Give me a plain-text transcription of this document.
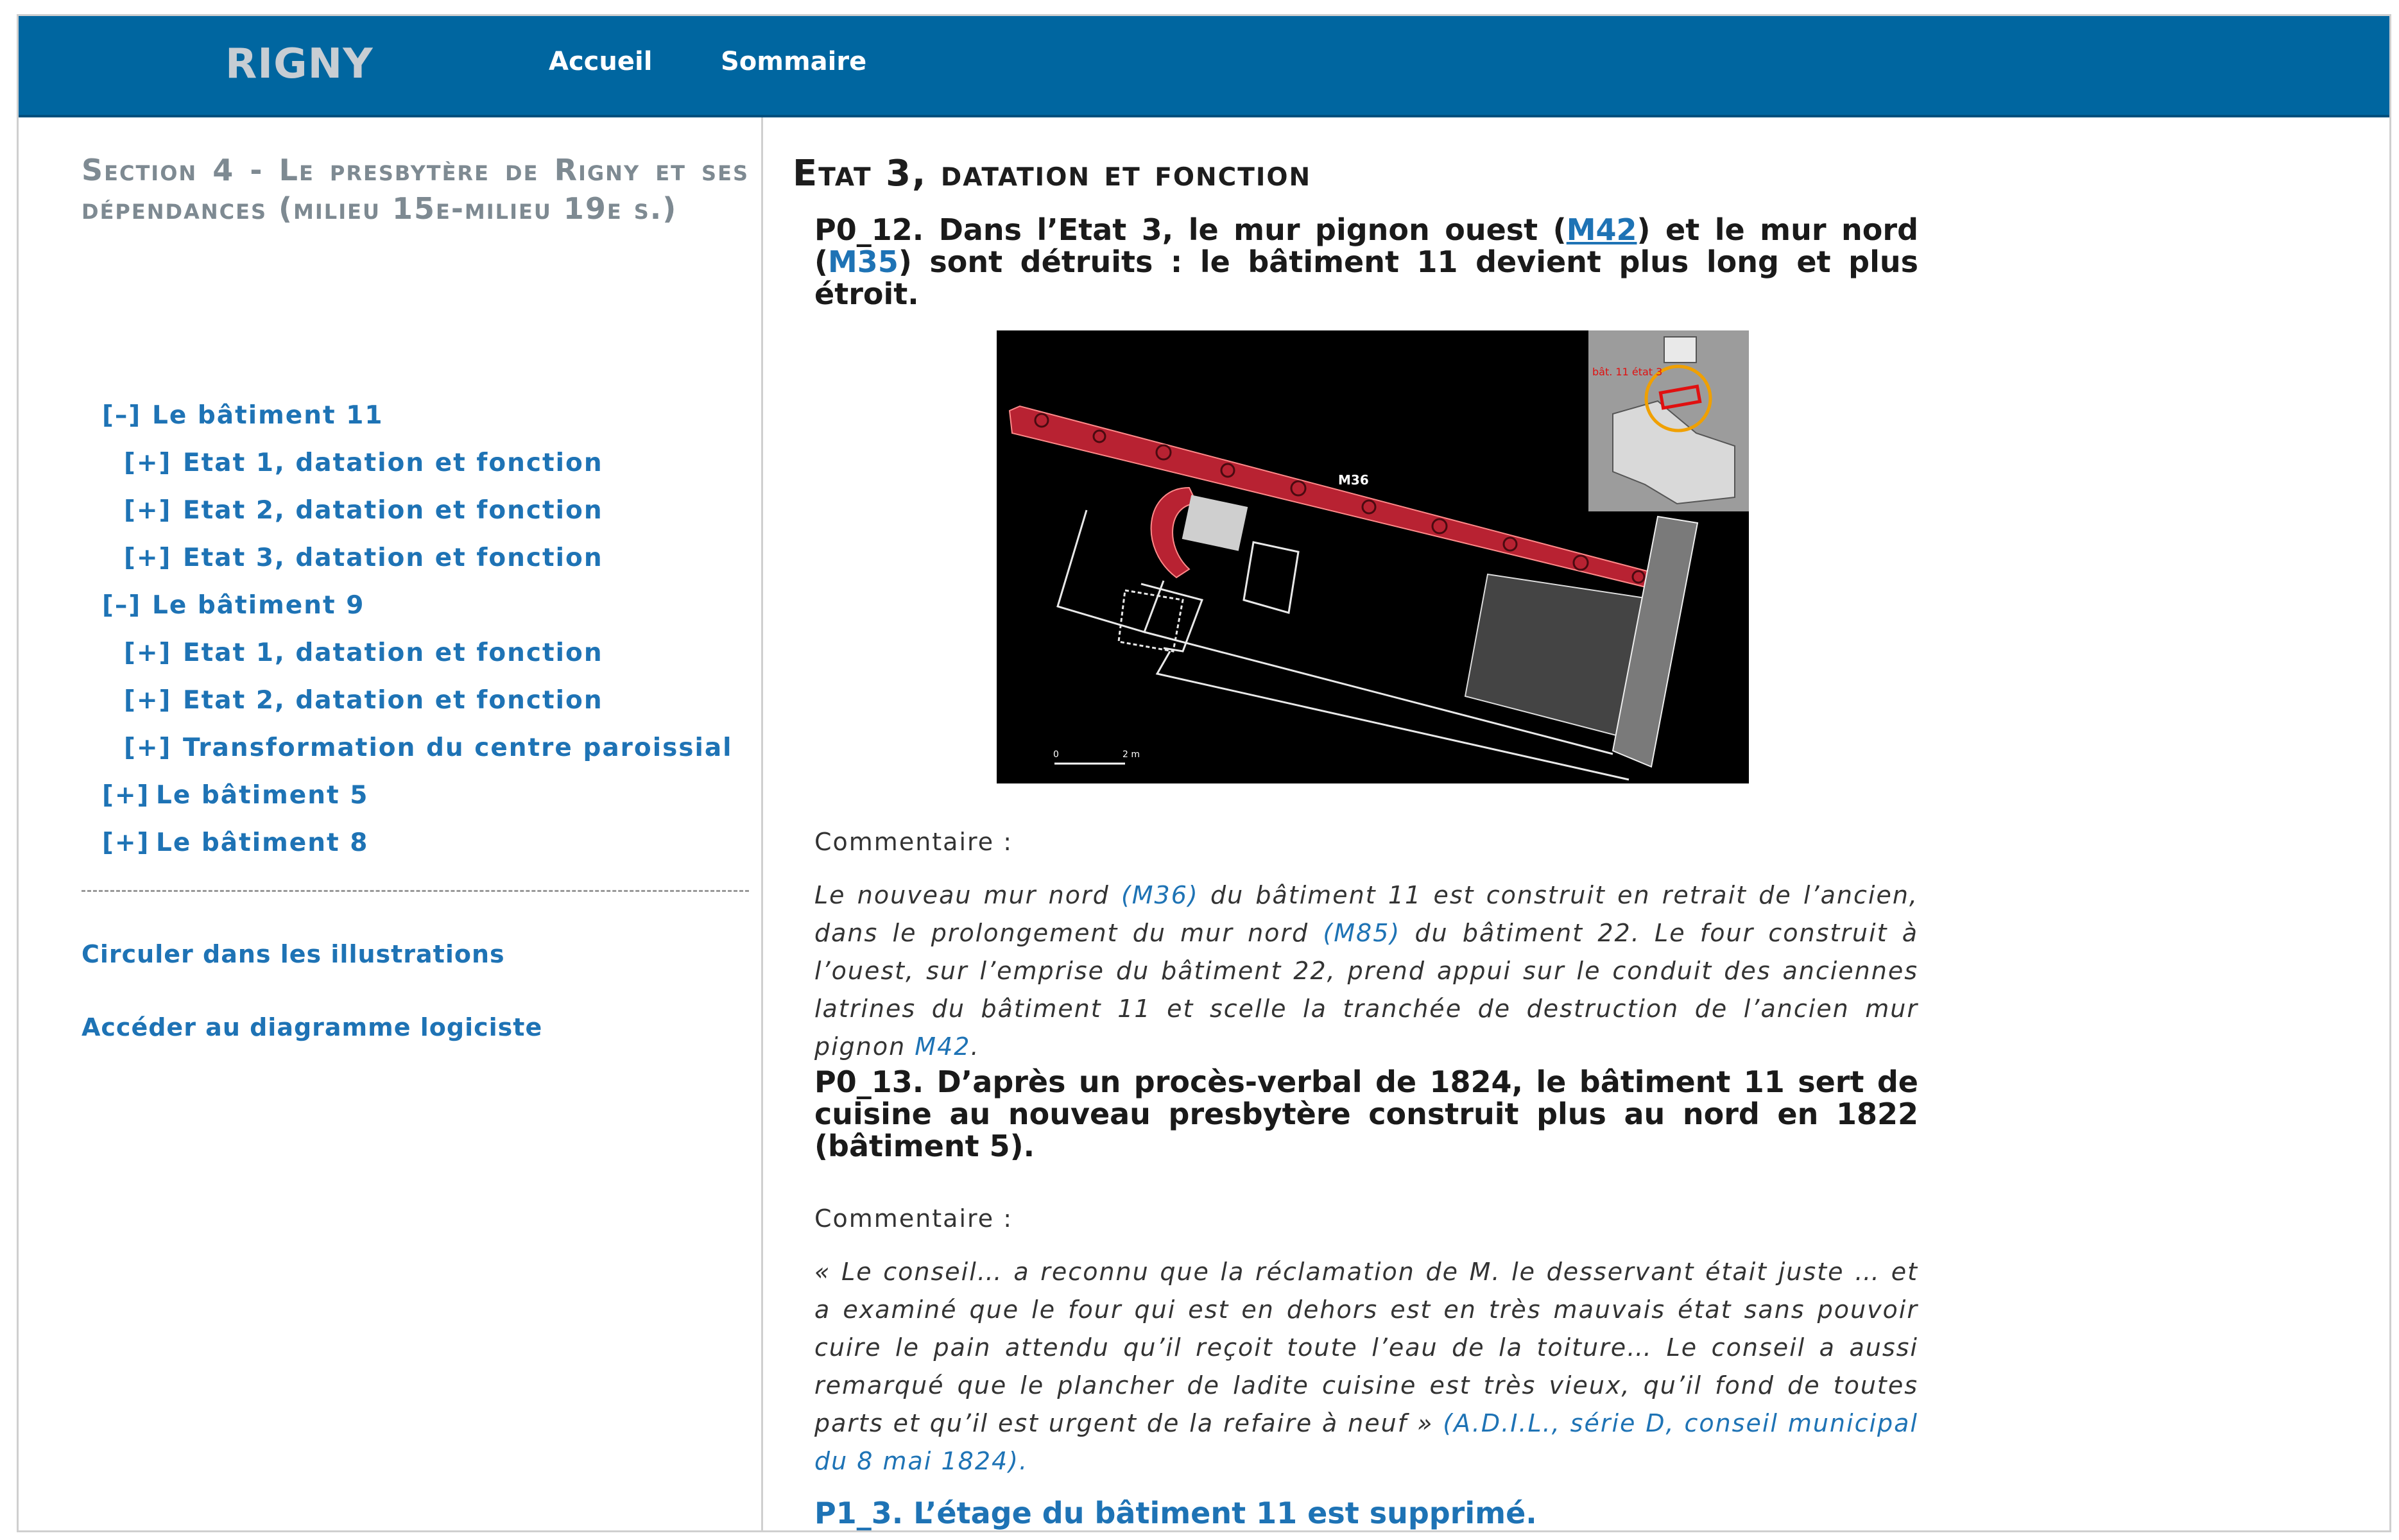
RIGNY	Accueil	Sommaire
Section 4 - Le presbytère de Rigny et ses dépendances (milieu 15e-milieu 19e s.)
[–] Le bâtiment 11
[+] Etat 1, datation et fonction
[+] Etat 2, datation et fonction
[+] Etat 3, datation et fonction
[–] Le bâtiment 9
[+] Etat 1, datation et fonction
[+] Etat 2, datation et fonction
[+] Transformation du centre paroissial
[+] Le bâtiment 5
[+] Le bâtiment 8
Circuler dans les illustrations
Accéder au diagramme logiciste
Etat 3, datation et fonction
P0_12. Dans l’Etat 3, le mur pignon ouest (M42) et le mur nord (M35) sont détruits : le bâtiment 11 devient plus long et plus étroit.
M36
0	2 m
bât. 11 état 3
Commentaire :
Le nouveau mur nord (M36) du bâtiment 11 est construit en retrait de l’ancien, dans le prolongement du mur nord (M85) du bâtiment 22. Le four construit à l’ouest, sur l’emprise du bâtiment 22, prend appui sur le conduit des anciennes latrines du bâtiment 11 et scelle la tranchée de destruction de l’ancien mur pignon M42.
P0_13. D’après un procès-verbal de 1824, le bâtiment 11 sert de cuisine au nouveau presbytère construit plus au nord en 1822 (bâtiment 5).
Commentaire :
« Le conseil… a reconnu que la réclamation de M. le desservant était juste … et a examiné que le four qui est en dehors est en très mauvais état sans pouvoir cuire le pain attendu qu’il reçoit toute l’eau de la toiture… Le conseil a aussi remarqué que le plancher de ladite cuisine est très vieux, qu’il fond de toutes parts et qu’il est urgent de la refaire à neuf » (A.D.I.L., série D, conseil municipal du 8 mai 1824).
P1_3. L’étage du bâtiment 11 est supprimé.
